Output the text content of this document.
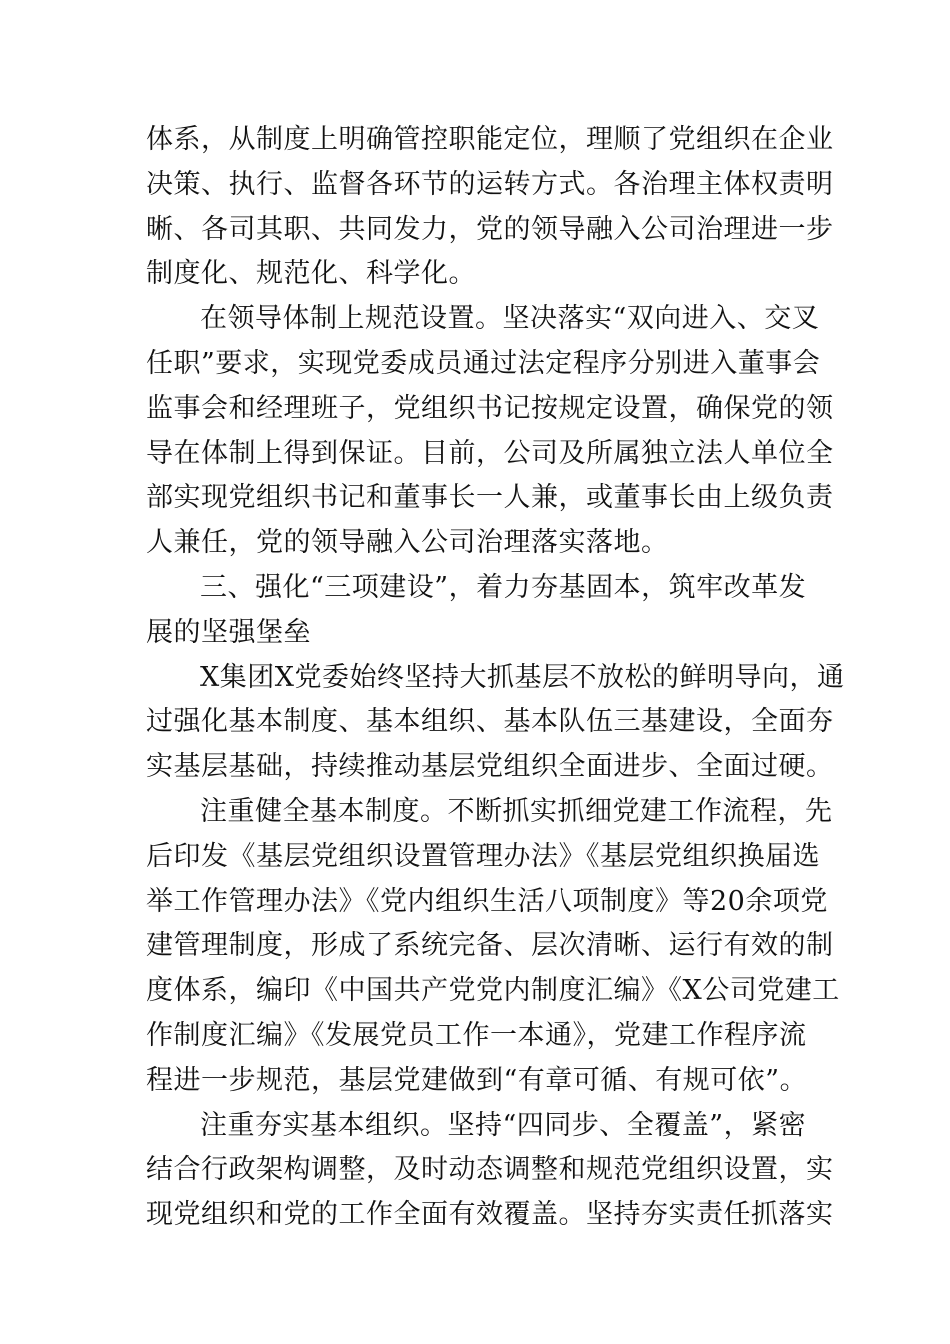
体系，从制度上明确管控职能定位，理顺了党组织在企业
决策、执行、监督各环节的运转方式。各治理主体权责明
晰、各司其职、共同发力，党的领导融入公司治理进一步
制度化、规范化、科学化。
在领导体制上规范设置。坚决落实“双向进入、交叉
任职”要求，实现党委成员通过法定程序分别进入董事会
监事会和经理班子，党组织书记按规定设置，确保党的领
导在体制上得到保证。目前，公司及所属独立法人单位全
部实现党组织书记和董事长一人兼，或董事长由上级负责
人兼任，党的领导融入公司治理落实落地。
三、强化“三项建设”，着力夯基固本，筑牢改革发
展的坚强堡垒
X集团X党委始终坚持大抓基层不放松的鲜明导向，通
过强化基本制度、基本组织、基本队伍三基建设，全面夯
实基层基础，持续推动基层党组织全面进步、全面过硬。
注重健全基本制度。不断抓实抓细党建工作流程，先
后印发《基层党组织设置管理办法》《基层党组织换届选
举工作管理办法》《党内组织生活八项制度》等20余项党
建管理制度，形成了系统完备、层次清晰、运行有效的制
度体系，编印《中国共产党党内制度汇编》《X公司党建工
作制度汇编》《发展党员工作一本通》，党建工作程序流
程进一步规范，基层党建做到“有章可循、有规可依”。
注重夯实基本组织。坚持“四同步、全覆盖”，紧密
结合行政架构调整，及时动态调整和规范党组织设置，实
现党组织和党的工作全面有效覆盖。坚持夯实责任抓落实
